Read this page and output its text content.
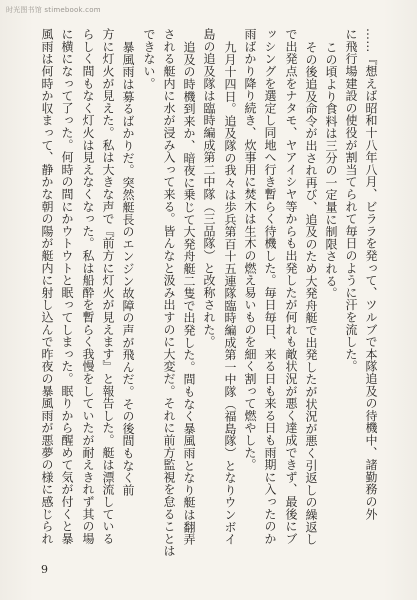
时光图书馆 stimebook.com
……『想えば昭和十八年八月、ビララを発って、ツルブで本隊追及の待機中、諸勤務の外
に飛行場建設の使役が割当てられて毎日のように汗を流した。
この頃より食料は三分の一定量に制限される。
その後追及命令が出され再び、追及のため大発舟艇で出発したが状況が悪く引返しの繰返し
で出発点をナタモ、ヤアイシヤ等からも出発したが何れも敵状況が悪く達成できず、最後にブ
ッシングを選定し同地へ行き暫らく待機した。毎日毎日、来る日も来る日も雨期に入ったのか
雨ばかり降り続き、炊事用に焚木は生木の燃え易いものを細く割って燃やした。
九月十四日。追及隊の我々は歩兵第百十五連隊臨時編成第一中隊（福島隊）となりウンボイ
島の追及隊は臨時編成第二中隊（三品隊）と改称された。
追及の時機到来か、暗夜に乗じて大発舟艇二隻で出発した。間もなく暴風雨となり艇は翻弄
される艇内に水が浸み入って来る。皆んなと汲み出すのに大変だ。それに前方監視を怠ることは
できない。
暴風雨は募るばかりだ。突然艇長のエンジン故障の声が飛んだ。その後間もなく前
方に灯火が見えた。私は大きな声で『前方に灯火が見えます』と報告した。艇は漂流している
らしく間もなく灯火は見えなくなった。私は船酔を暫らく我慢をしていたが耐えきれず其の場
に横になって了った。何時の間にかウトウトと眠ってしまった。眠りから醒めて気が付くと暴
風雨は何時か収まって、静かな朝の陽が艇内に射し込んで昨夜の暴風雨が悪夢の様に感じられ
9
